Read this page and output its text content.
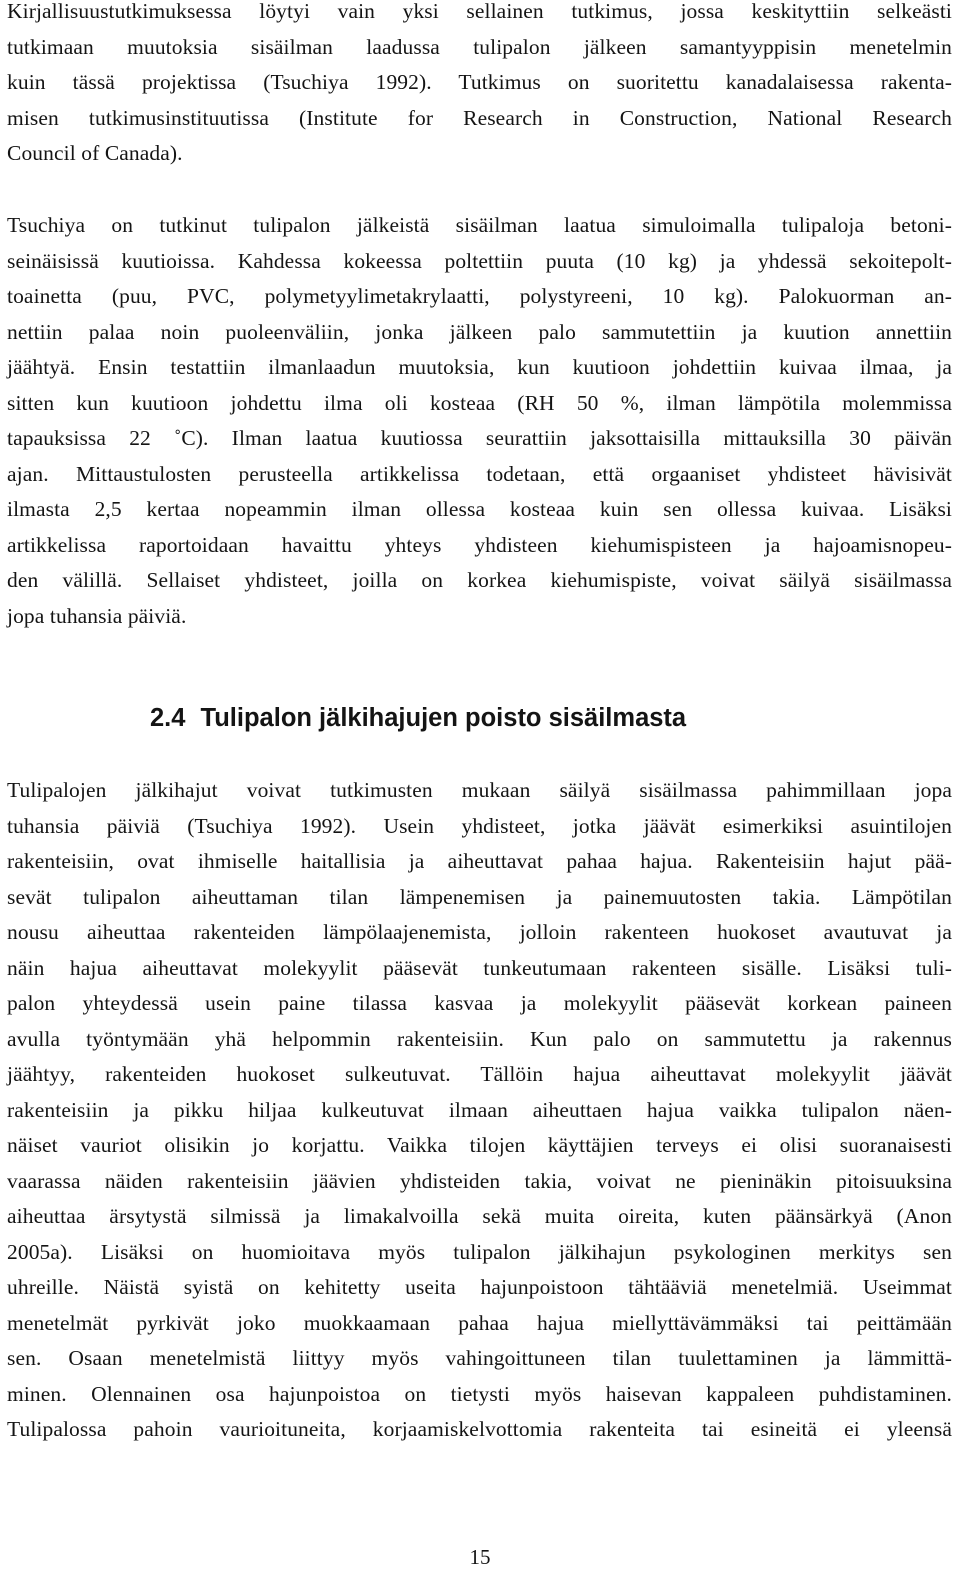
Kirjallisuustutkimuksessa löytyi vain yksi sellainen tutkimus, jossa keskityttiin selkeästi
tutkimaan muutoksia sisäilman laadussa tulipalon jälkeen samantyyppisin menetelmin
kuin tässä projektissa (Tsuchiya 1992). Tutkimus on suoritettu kanadalaisessa rakenta-
misen tutkimusinstituutissa (Institute for Research in Construction, National Research
Council of Canada).

Tsuchiya on tutkinut tulipalon jälkeistä sisäilman laatua simuloimalla tulipaloja betoni-
seinäisissä kuutioissa. Kahdessa kokeessa poltettiin puuta (10 kg) ja yhdessä sekoitepolt-
toainetta (puu, PVC, polymetyylimetakrylaatti, polystyreeni, 10 kg). Palokuorman an-
nettiin palaa noin puoleenväliin, jonka jälkeen palo sammutettiin ja kuution annettiin
jäähtyä. Ensin testattiin ilmanlaadun muutoksia, kun kuutioon johdettiin kuivaa ilmaa, ja
sitten kun kuutioon johdettu ilma oli kosteaa (RH 50 %, ilman lämpötila molemmissa
tapauksissa 22 ˚C). Ilman laatua kuutiossa seurattiin jaksottaisilla mittauksilla 30 päivän
ajan. Mittaustulosten perusteella artikkelissa todetaan, että orgaaniset yhdisteet hävisivät
ilmasta 2,5 kertaa nopeammin ilman ollessa kosteaa kuin sen ollessa kuivaa. Lisäksi
artikkelissa raportoidaan havaittu yhteys yhdisteen kiehumispisteen ja hajoamisnopeu-
den välillä. Sellaiset yhdisteet, joilla on korkea kiehumispiste, voivat säilyä sisäilmassa
jopa tuhansia päiviä.

2.4 Tulipalon jälkihajujen poisto sisäilmasta

Tulipalojen jälkihajut voivat tutkimusten mukaan säilyä sisäilmassa pahimmillaan jopa
tuhansia päiviä (Tsuchiya 1992). Usein yhdisteet, jotka jäävät esimerkiksi asuintilojen
rakenteisiin, ovat ihmiselle haitallisia ja aiheuttavat pahaa hajua. Rakenteisiin hajut pää-
sevät tulipalon aiheuttaman tilan lämpenemisen ja painemuutosten takia. Lämpötilan
nousu aiheuttaa rakenteiden lämpölaajenemista, jolloin rakenteen huokoset avautuvat ja
näin hajua aiheuttavat molekyylit pääsevät tunkeutumaan rakenteen sisälle. Lisäksi tuli-
palon yhteydessä usein paine tilassa kasvaa ja molekyylit pääsevät korkean paineen
avulla työntymään yhä helpommin rakenteisiin. Kun palo on sammutettu ja rakennus
jäähtyy, rakenteiden huokoset sulkeutuvat. Tällöin hajua aiheuttavat molekyylit jäävät
rakenteisiin ja pikku hiljaa kulkeutuvat ilmaan aiheuttaen hajua vaikka tulipalon näen-
näiset vauriot olisikin jo korjattu. Vaikka tilojen käyttäjien terveys ei olisi suoranaisesti
vaarassa näiden rakenteisiin jäävien yhdisteiden takia, voivat ne pieninäkin pitoisuuksina
aiheuttaa ärsytystä silmissä ja limakalvoilla sekä muita oireita, kuten päänsärkyä (Anon
2005a). Lisäksi on huomioitava myös tulipalon jälkihajun psykologinen merkitys sen
uhreille. Näistä syistä on kehitetty useita hajunpoistoon tähtääviä menetelmiä. Useimmat
menetelmät pyrkivät joko muokkaamaan pahaa hajua miellyttävämmäksi tai peittämään
sen. Osaan menetelmistä liittyy myös vahingoittuneen tilan tuulettaminen ja lämmittä-
minen. Olennainen osa hajunpoistoa on tietysti myös haisevan kappaleen puhdistaminen.
Tulipalossa pahoin vaurioituneita, korjaamiskelvottomia rakenteita tai esineitä ei yleensä

15
